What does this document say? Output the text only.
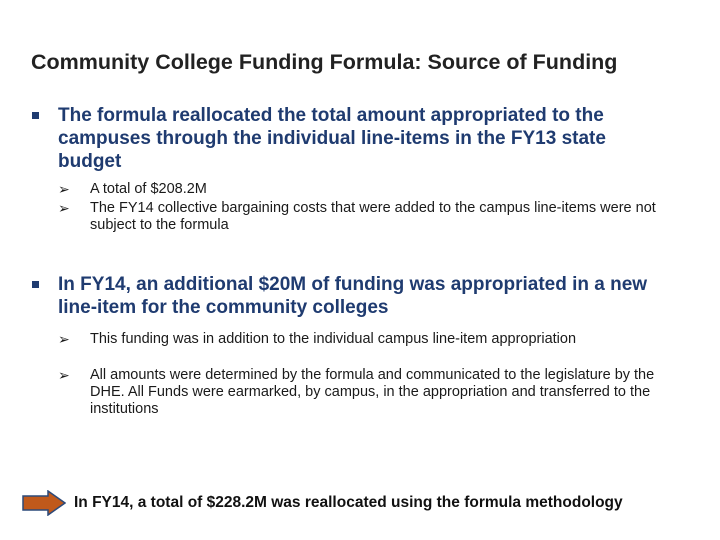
Community College Funding Formula: Source of Funding
The formula reallocated the total amount appropriated to the campuses through the individual line-items in the FY13 state budget
➢	A total of $208.2M
➢	The FY14 collective bargaining costs that were added to the campus line-items were not subject to the formula
In FY14, an additional $20M of funding was appropriated in a new line-item for the community colleges
➢	This funding was in addition to the individual campus line-item appropriation
➢	All amounts were determined by the formula and communicated to the legislature by the DHE. All Funds were earmarked, by campus, in the appropriation and transferred to the institutions
In FY14, a total of $228.2M was reallocated using the formula methodology
